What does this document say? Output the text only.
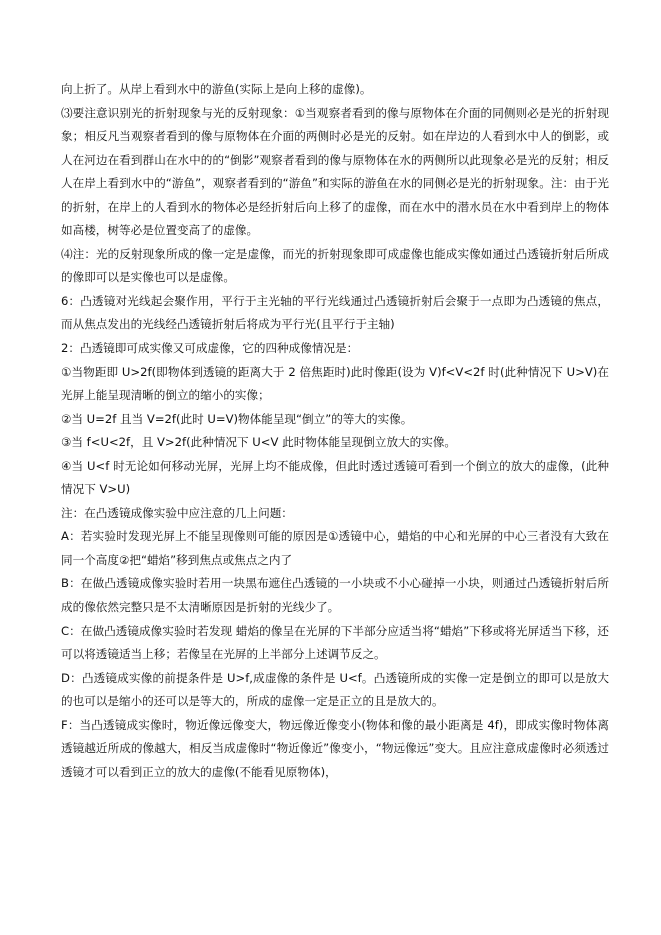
向上折了。从岸上看到水中的游鱼(实际上是向上移的虚像)。

⑶要注意识别光的折射现象与光的反射现象：①当观察者看到的像与原物体在介面的同侧则必是光的折射现象；相反凡当观察者看到的像与原物体在介面的两侧时必是光的反射。如在岸边的人看到水中人的倒影，或人在河边在看到群山在水中的的“倒影”观察者看到的像与原物体在水的两侧所以此现象必是光的反射；相反人在岸上看到水中的“游鱼”，观察者看到的“游鱼”和实际的游鱼在水的同侧必是光的折射现象。注：由于光的折射，在岸上的人看到水的物体必是经折射后向上移了的虚像，而在水中的潜水员在水中看到岸上的物体如高楼，树等必是位置变高了的虚像。

⑷注：光的反射现象所成的像一定是虚像，而光的折射现象即可成虚像也能成实像如通过凸透镜折射后所成的像即可以是实像也可以是虚像。

6：凸透镜对光线起会聚作用，平行于主光轴的平行光线通过凸透镜折射后会聚于一点即为凸透镜的焦点，而从焦点发出的光线经凸透镜折射后将成为平行光(且平行于主轴)

2：凸透镜即可成实像又可成虚像，它的四种成像情况是：

①当物距即 U>2f(即物体到透镜的距离大于 2 倍焦距时)此时像距(设为 V)f<V<2f 时(此种情况下 U>V)在光屏上能呈现清晰的倒立的缩小的实像；

②当 U=2f 且当 V=2f(此时 U=V)物体能呈现“倒立”的等大的实像。

③当 f<U<2f，且 V>2f(此种情况下 U<V 此时物体能呈现倒立放大的实像。

④当 U<f 时无论如何移动光屏，光屏上均不能成像，但此时透过透镜可看到一个倒立的放大的虚像，(此种情况下 V>U)

注：在凸透镜成像实验中应注意的几上问题：

A：若实验时发现光屏上不能呈现像则可能的原因是①透镜中心，蜡焰的中心和光屏的中心三者没有大致在同一个高度②把“蜡焰”移到焦点或焦点之内了

B：在做凸透镜成像实验时若用一块黑布遮住凸透镜的一小块或不小心碰掉一小块，则通过凸透镜折射后所成的像依然完整只是不太清晰原因是折射的光线少了。

C：在做凸透镜成像实验时若发现 蜡焰的像呈在光屏的下半部分应适当将“蜡焰”下移或将光屏适当下移，还可以将透镜适当上移；若像呈在光屏的上半部分上述调节反之。

D：凸透镜成实像的前提条件是 U>f,成虚像的条件是 U<f。凸透镜所成的实像一定是倒立的即可以是放大的也可以是缩小的还可以是等大的，所成的虚像一定是正立的且是放大的。

F：当凸透镜成实像时，物近像远像变大，物远像近像变小(物体和像的最小距离是 4f)，即成实像时物体离透镜越近所成的像越大，相反当成虚像时“物近像近”像变小，“物远像远”变大。且应注意成虚像时必须透过透镜才可以看到正立的放大的虚像(不能看见原物体)，
